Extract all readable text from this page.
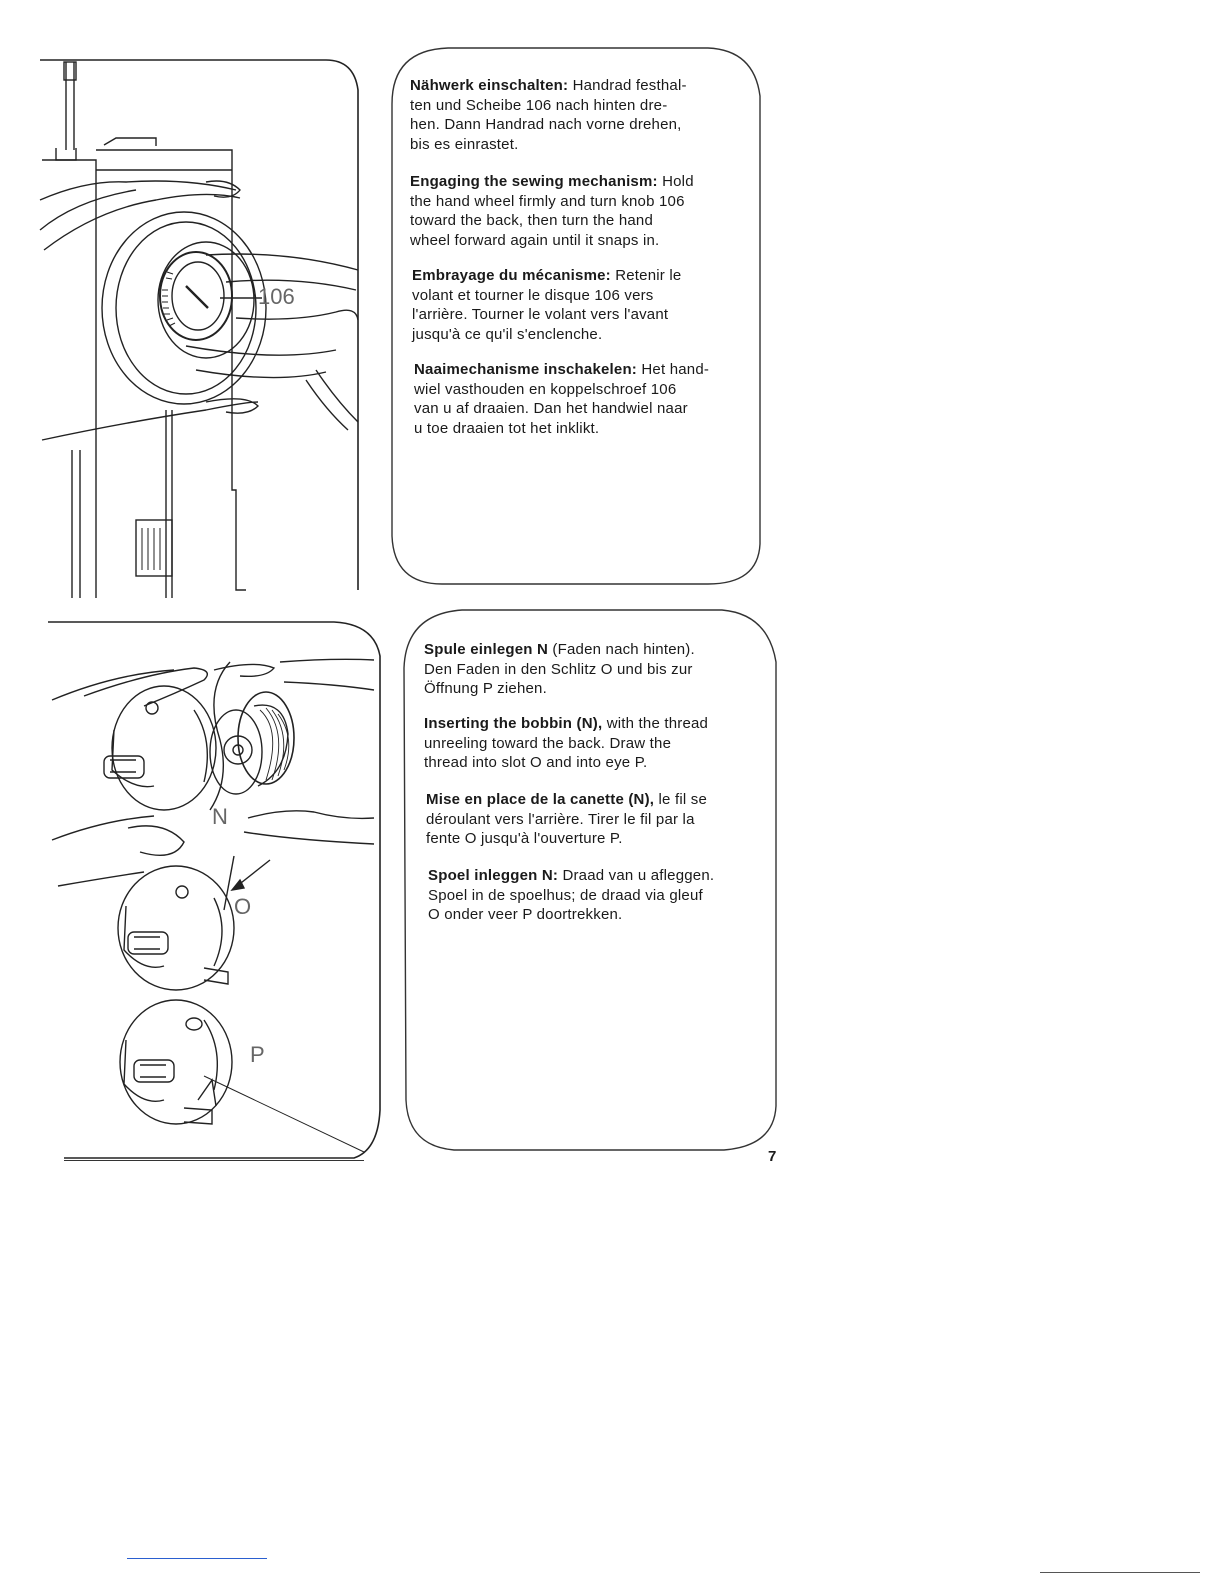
106
Nähwerk einschalten: Handrad festhal-
ten und Scheibe 106 nach hinten dre-
hen. Dann Handrad nach vorne drehen,
bis es einrastet.
Engaging the sewing mechanism: Hold
the hand wheel firmly and turn knob 106
toward the back, then turn the hand
wheel forward again until it snaps in.
Embrayage du mécanisme: Retenir le
volant et tourner le disque 106 vers
l'arrière. Tourner le volant vers l'avant
jusqu'à ce qu'il s'enclenche.
Naaimechanisme inschakelen: Het hand-
wiel vasthouden en koppelschroef 106
van u af draaien. Dan het handwiel naar
u toe draaien tot het inklikt.
N
O
P
Spule einlegen N (Faden nach hinten).
Den Faden in den Schlitz O und bis zur
Öffnung P ziehen.
Inserting the bobbin (N), with the thread
unreeling toward the back. Draw the
thread into slot O and into eye P.
Mise en place de la canette (N), le fil se
déroulant vers l'arrière. Tirer le fil par la
fente O jusqu'à l'ouverture P.
Spoel inleggen N: Draad van u afleggen.
Spoel in de spoelhus; de draad via gleuf
O onder veer P doortrekken.
7
